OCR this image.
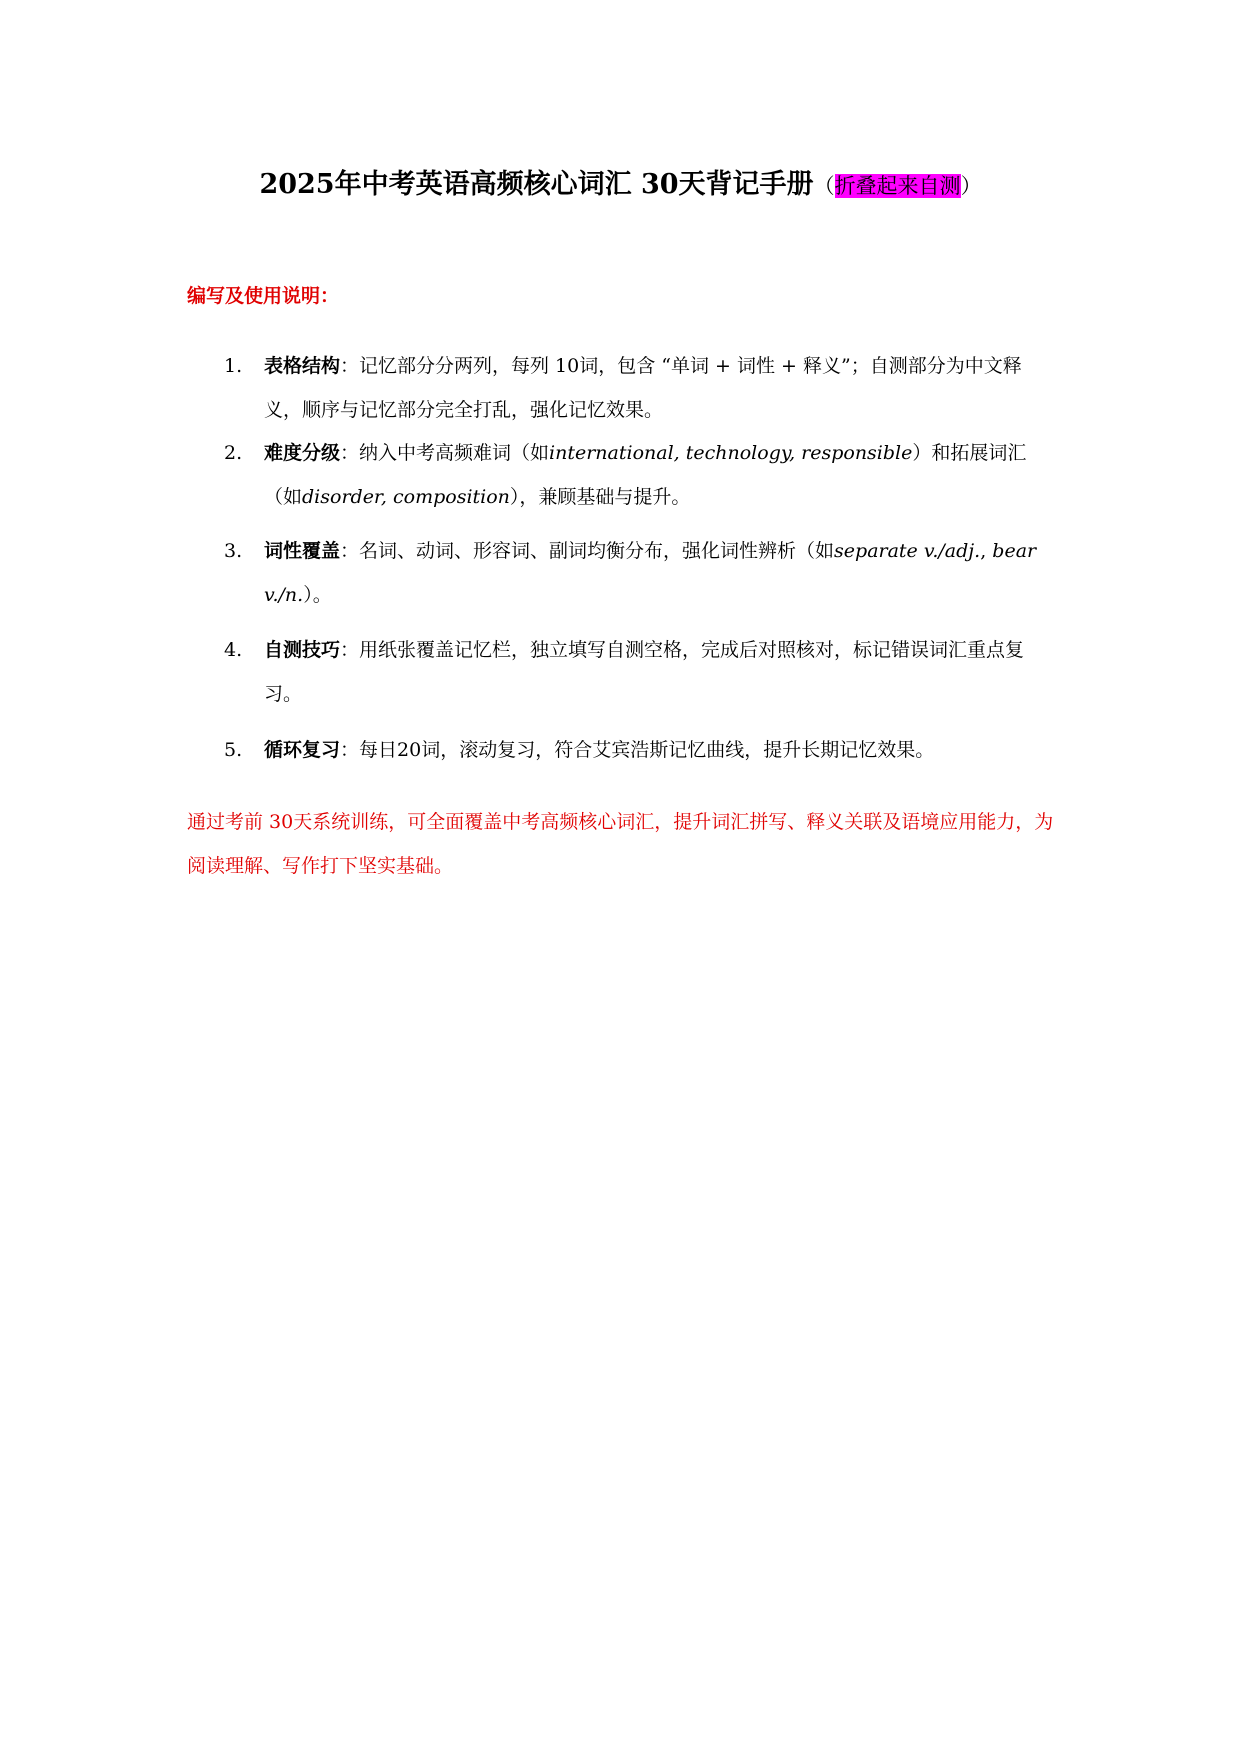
2025年中考英语高频核心词汇 30天背记手册（折叠起来自测）
编写及使用说明：
1. 表格结构：记忆部分分两列，每列 10词，包含 “单词 + 词性 + 释义”；自测部分为中文释义，顺序与记忆部分完全打乱，强化记忆效果。
2. 难度分级：纳入中考高频难词（如international, technology, responsible）和拓展词汇（如disorder, composition），兼顾基础与提升。
3. 词性覆盖：名词、动词、形容词、副词均衡分布，强化词性辨析（如separate v./adj., bear v./n.）。
4. 自测技巧：用纸张覆盖记忆栏，独立填写自测空格，完成后对照核对，标记错误词汇重点复习。
5. 循环复习：每日20词，滚动复习，符合艾宾浩斯记忆曲线，提升长期记忆效果。
通过考前 30天系统训练，可全面覆盖中考高频核心词汇，提升词汇拼写、释义关联及语境应用能力，为阅读理解、写作打下坚实基础。
